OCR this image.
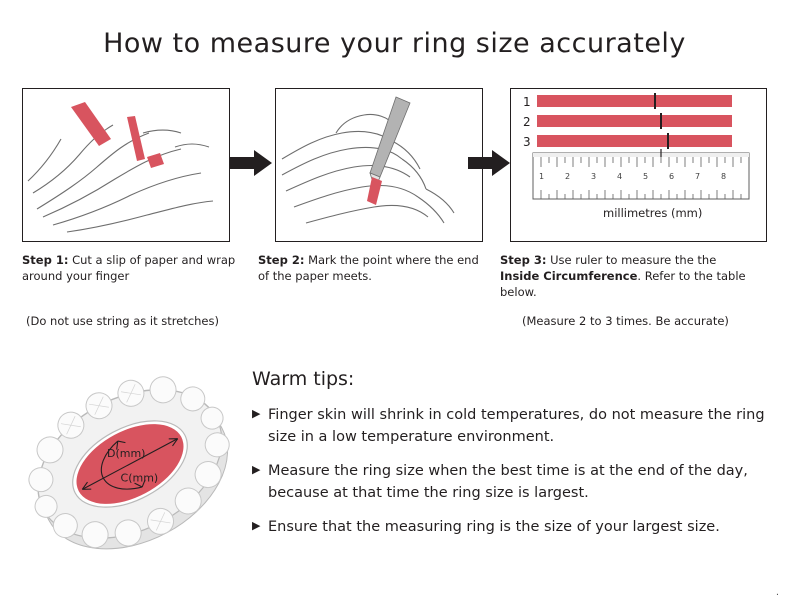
How to measure your ring size accurately
1
2
3
1	2	3	4	5	6	7	8
millimetres (mm)
Step 1: Cut a slip of paper and wrap around your finger
Step 2: Mark the point where the end of the paper meets.
Step 3: Use ruler to measure the the Inside Circumference. Refer to the table below.
(Do not use string as it stretches)	(Measure 2 to 3 times. Be accurate)
D(mm)
C(mm)
Warm tips:
▶ Finger skin will shrink in cold temperatures, do not measure the ring size in a low temperature environment.
▶ Measure the ring size when the best time is at the end of the day, because at that time the ring size is largest.
▶ Ensure that the measuring ring is the size of your largest size.
.
